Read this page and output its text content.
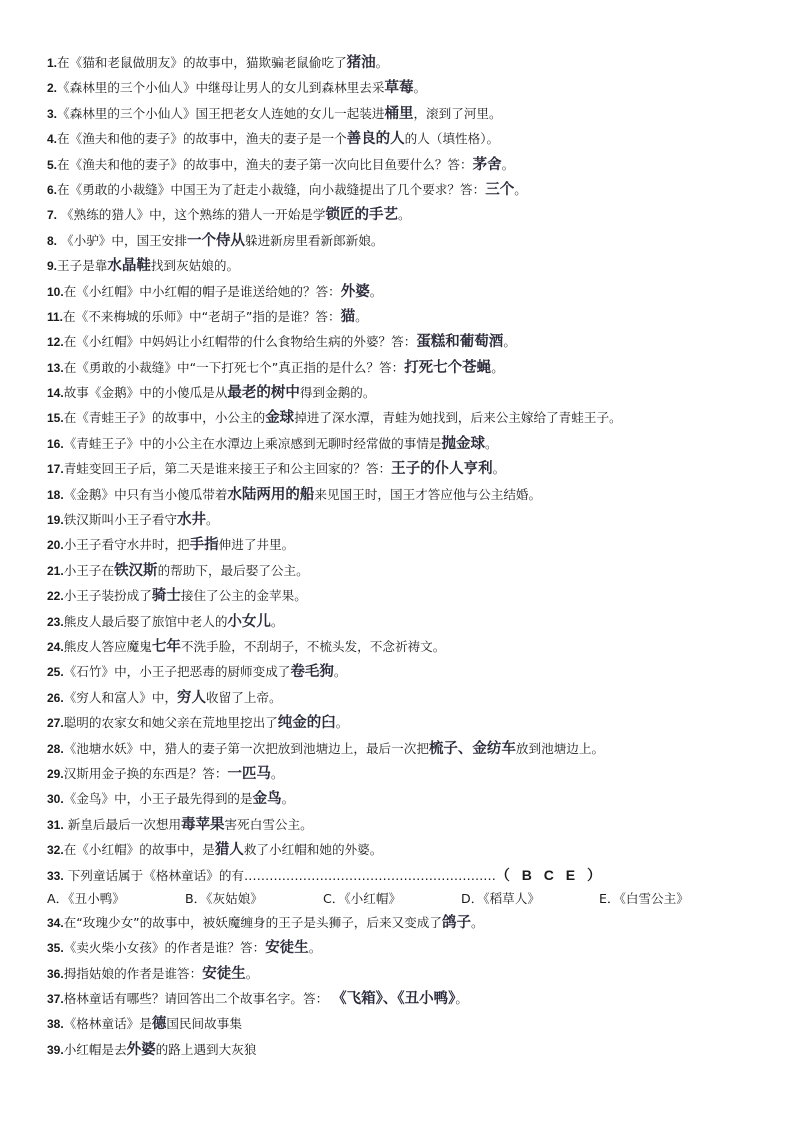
1.在《猫和老鼠做朋友》的故事中，猫欺骗老鼠偷吃了猪油。
2.《森林里的三个小仙人》中继母让男人的女儿到森林里去采草莓。
3.《森林里的三个小仙人》国王把老女人连她的女儿一起装进桶里，滚到了河里。
4.在《渔夫和他的妻子》的故事中，渔夫的妻子是一个善良的人的人（填性格）。
5.在《渔夫和他的妻子》的故事中，渔夫的妻子第一次向比目鱼要什么？答：茅舍。
6.在《勇敢的小裁缝》中国王为了赶走小裁缝，向小裁缝提出了几个要求？答：三个。
7. 《熟练的猎人》中，这个熟练的猎人一开始是学锁匠的手艺。
8. 《小驴》中，国王安排一个侍从躲进新房里看新郎新娘。
9.王子是靠水晶鞋找到灰姑娘的。
10.在《小红帽》中小红帽的帽子是谁送给她的？答：外婆。
11.在《不来梅城的乐师》中“老胡子”指的是谁？答：猫。
12.在《小红帽》中妈妈让小红帽带的什么食物给生病的外婆？答：蛋糕和葡萄酒。
13.在《勇敢的小裁缝》中“一下打死七个”真正指的是什么？答：打死七个苍蝇。
14.故事《金鹅》中的小傻瓜是从最老的树中得到金鹅的。
15.在《青蛙王子》的故事中，小公主的金球掉进了深水潭，青蛙为她找到，后来公主嫁给了青蛙王子。
16.《青蛙王子》中的小公主在水潭边上乘凉感到无聊时经常做的事情是抛金球。
17.青蛙变回王子后，第二天是谁来接王子和公主回家的？答：王子的仆人亨利。
18.《金鹅》中只有当小傻瓜带着水陆两用的船来见国王时，国王才答应他与公主结婚。
19.铁汉斯叫小王子看守水井。
20.小王子看守水井时，把手指伸进了井里。
21.小王子在铁汉斯的帮助下，最后娶了公主。
22.小王子装扮成了骑士接住了公主的金苹果。
23.熊皮人最后娶了旅馆中老人的小女儿。
24.熊皮人答应魔鬼七年不洗手脸，不刮胡子，不梳头发，不念祈祷文。
25.《石竹》中，小王子把恶毒的厨师变成了卷毛狗。
26.《穷人和富人》中，穷人收留了上帝。
27.聪明的农家女和她父亲在荒地里挖出了纯金的臼。
28.《池塘水妖》中，猎人的妻子第一次把放到池塘边上，最后一次把梳子、金纺车放到池塘边上。
29.汉斯用金子换的东西是？答：一匹马。
30.《金鸟》中，小王子最先得到的是金鸟。
31. 新皇后最后一次想用毒苹果害死白雪公主。
32.在《小红帽》的故事中，是猎人救了小红帽和她的外婆。
33. 下列童话属于《格林童话》的有……………………………………………………（ B C E ）
A．《丑小鸭》	B．《灰姑娘》	C．《小红帽》	D．《稻草人》	E．《白雪公主》
34.在“玫瑰少女”的故事中，被妖魔缠身的王子是头狮子，后来又变成了鸽子。
35.《卖火柴小女孩》的作者是谁？答：安徒生。
36.拇指姑娘的作者是谁答：安徒生。
37.格林童话有哪些？请回答出二个故事名字。答： 《飞箱》、《丑小鸭》。
38.《格林童话》是德国民间故事集
39.小红帽是去外婆的路上遇到大灰狼
